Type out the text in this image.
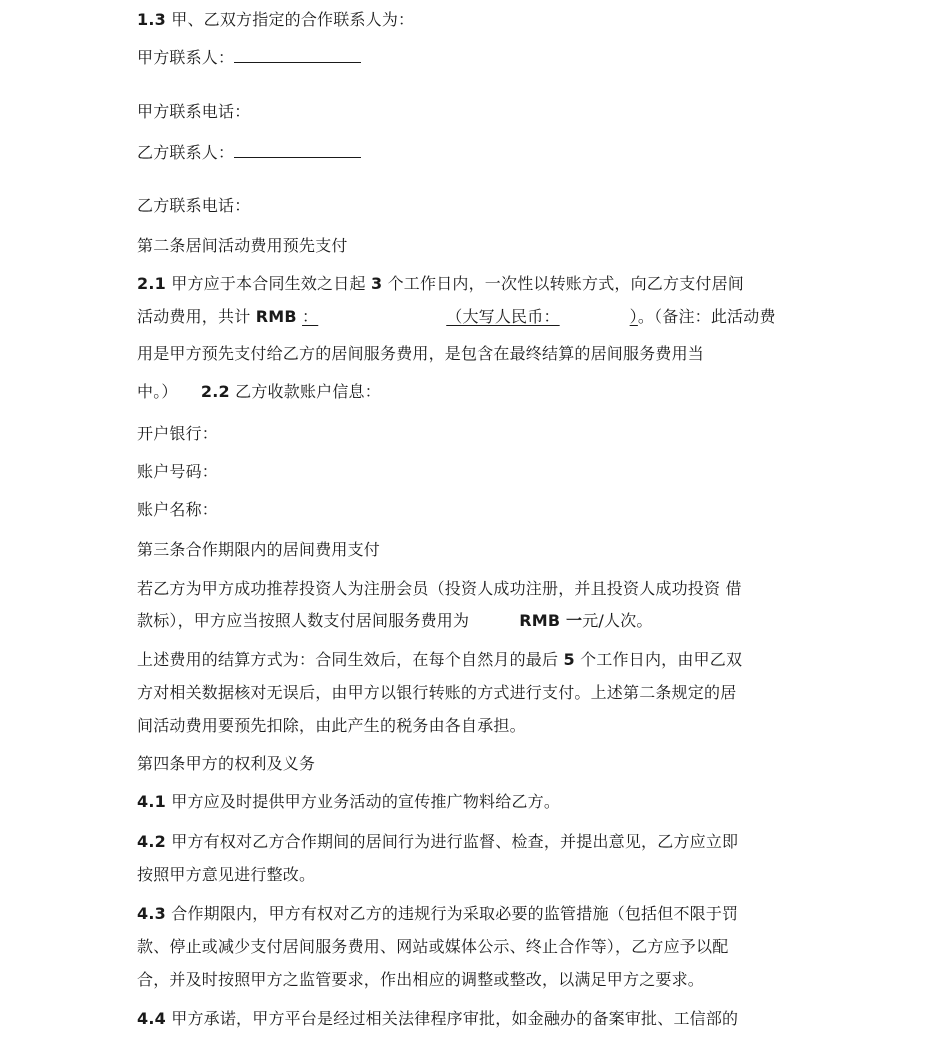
1.3 甲、乙双方指定的合作联系人为：
甲方联系人：
甲方联系电话：
乙方联系人：
乙方联系电话：
第二条居间活动费用预先支付
2.1 甲方应于本合同生效之日起 3 个工作日内，一次性以转账方式，向乙方支付居间
活动费用，共计 RMB ：	（大写人民币：	）。（备注：此活动费
用是甲方预先支付给乙方的居间服务费用，是包含在最终结算的居间服务费用当
中。） 2.2 乙方收款账户信息：
开户银行：
账户号码：
账户名称：
第三条合作期限内的居间费用支付
若乙方为甲方成功推荐投资人为注册会员（投资人成功注册，并且投资人成功投资 借
款标），甲方应当按照人数支付居间服务费用为	RMB 一元/人次。
上述费用的结算方式为：合同生效后，在每个自然月的最后 5 个工作日内，由甲乙双
方对相关数据核对无误后，由甲方以银行转账的方式进行支付。上述第二条规定的居
间活动费用要预先扣除，由此产生的税务由各自承担。
第四条甲方的权利及义务
4.1 甲方应及时提供甲方业务活动的宣传推广物料给乙方。
4.2 甲方有权对乙方合作期间的居间行为进行监督、检查，并提出意见，乙方应立即
按照甲方意见进行整改。
4.3 合作期限内，甲方有权对乙方的违规行为采取必要的监管措施（包括但不限于罚
款、停止或减少支付居间服务费用、网站或媒体公示、终止合作等），乙方应予以配
合，并及时按照甲方之监管要求，作出相应的调整或整改，以满足甲方之要求。
4.4 甲方承诺，甲方平台是经过相关法律程序审批，如金融办的备案审批、工信部的
